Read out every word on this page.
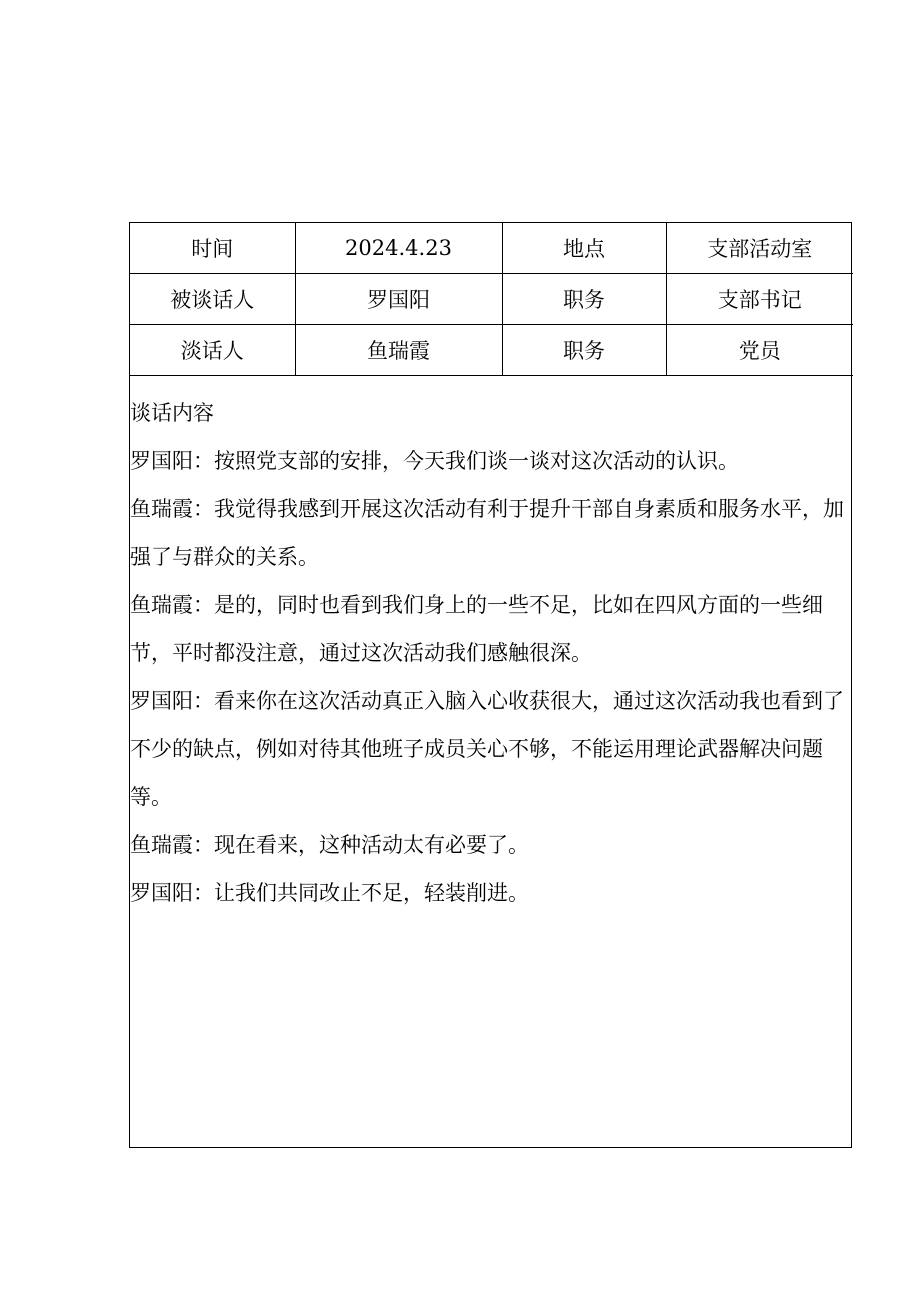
时间	2024.4.23	地点	支部活动室
被谈话人	罗国阳	职务	支部书记
淡话人	鱼瑞霞	职务	党员

谈话内容

罗国阳：按照党支部的安排，今天我们谈一谈对这次活动的认识。

鱼瑞霞：我觉得我感到开展这次活动有利于提升干部自身素质和服务水平，加强了与群众的关系。

鱼瑞霞：是的，同时也看到我们身上的一些不足，比如在四风方面的一些细节，平时都没注意，通过这次活动我们感触很深。

罗国阳：看来你在这次活动真正入脑入心收获很大，通过这次活动我也看到了不少的缺点，例如对待其他班子成员关心不够，不能运用理论武器解决问题等。

鱼瑞霞：现在看来，这种活动太有必要了。

罗国阳：让我们共同改止不足，轻装削进。
